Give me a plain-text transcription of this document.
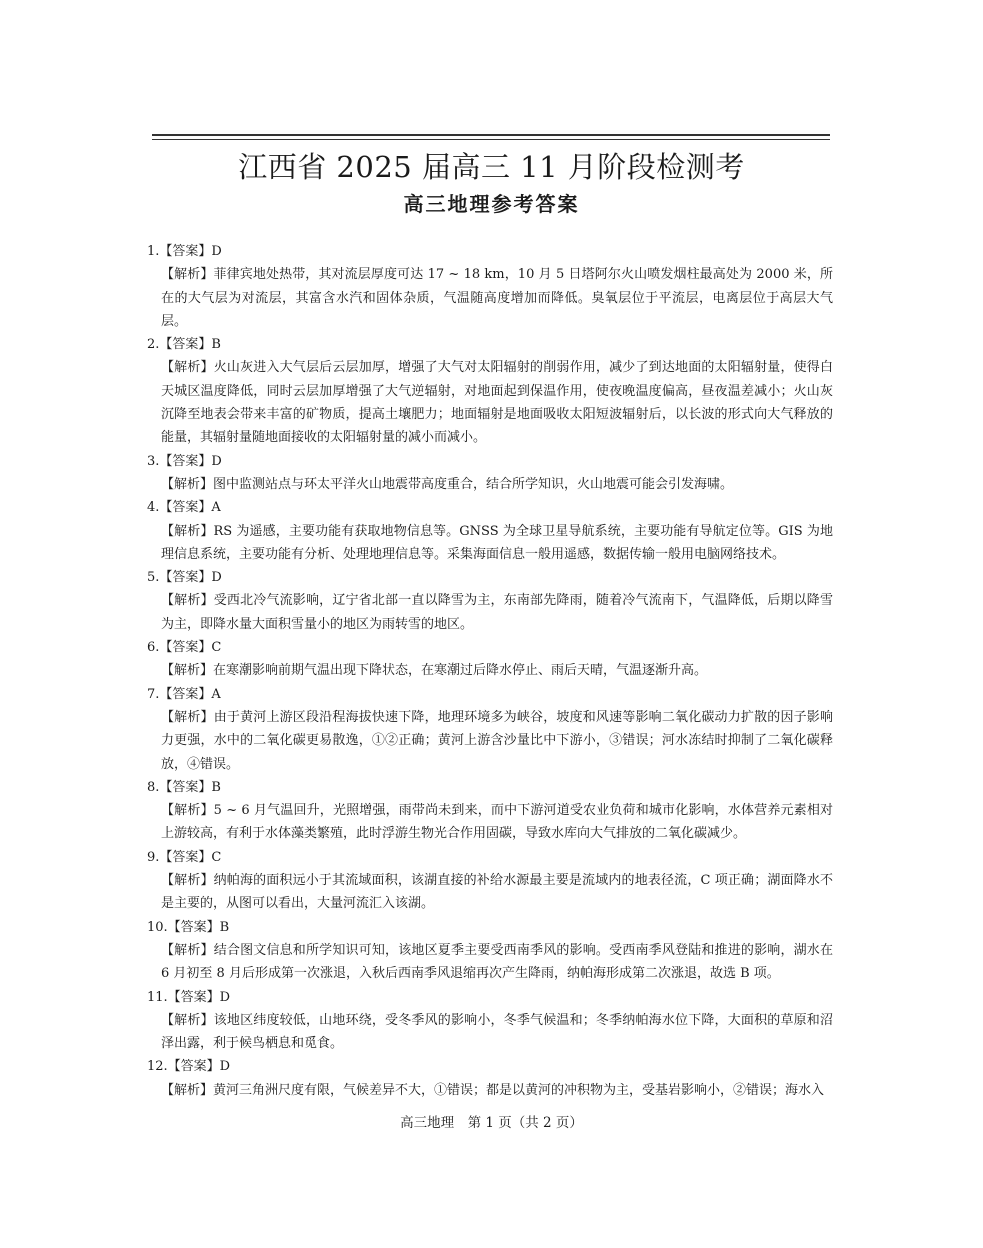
江西省 2025 届高三 11 月阶段检测考
高三地理参考答案
1.【答案】D
【解析】菲律宾地处热带，其对流层厚度可达 17 ~ 18 km，10 月 5 日塔阿尔火山喷发烟柱最高处为 2000 米，所在的大气层为对流层，其富含水汽和固体杂质，气温随高度增加而降低。臭氧层位于平流层，电离层位于高层大气层。
2.【答案】B
【解析】火山灰进入大气层后云层加厚，增强了大气对太阳辐射的削弱作用，减少了到达地面的太阳辐射量，使得白天城区温度降低，同时云层加厚增强了大气逆辐射，对地面起到保温作用，使夜晚温度偏高，昼夜温差减小；火山灰沉降至地表会带来丰富的矿物质，提高土壤肥力；地面辐射是地面吸收太阳短波辐射后，以长波的形式向大气释放的能量，其辐射量随地面接收的太阳辐射量的减小而减小。
3.【答案】D
【解析】图中监测站点与环太平洋火山地震带高度重合，结合所学知识，火山地震可能会引发海啸。
4.【答案】A
【解析】RS 为遥感，主要功能有获取地物信息等。GNSS 为全球卫星导航系统，主要功能有导航定位等。GIS 为地理信息系统，主要功能有分析、处理地理信息等。采集海面信息一般用遥感，数据传输一般用电脑网络技术。
5.【答案】D
【解析】受西北冷气流影响，辽宁省北部一直以降雪为主，东南部先降雨，随着冷气流南下，气温降低，后期以降雪为主，即降水量大面积雪量小的地区为雨转雪的地区。
6.【答案】C
【解析】在寒潮影响前期气温出现下降状态，在寒潮过后降水停止、雨后天晴，气温逐渐升高。
7.【答案】A
【解析】由于黄河上游区段沿程海拔快速下降，地理环境多为峡谷，坡度和风速等影响二氧化碳动力扩散的因子影响力更强，水中的二氧化碳更易散逸，①②正确；黄河上游含沙量比中下游小，③错误；河水冻结时抑制了二氧化碳释放，④错误。
8.【答案】B
【解析】5 ~ 6 月气温回升，光照增强，雨带尚未到来，而中下游河道受农业负荷和城市化影响，水体营养元素相对上游较高，有利于水体藻类繁殖，此时浮游生物光合作用固碳，导致水库向大气排放的二氧化碳减少。
9.【答案】C
【解析】纳帕海的面积远小于其流域面积，该湖直接的补给水源最主要是流域内的地表径流，C 项正确；湖面降水不是主要的，从图可以看出，大量河流汇入该湖。
10.【答案】B
【解析】结合图文信息和所学知识可知，该地区夏季主要受西南季风的影响。受西南季风登陆和推进的影响，湖水在 6 月初至 8 月后形成第一次涨退，入秋后西南季风退缩再次产生降雨，纳帕海形成第二次涨退，故选 B 项。
11.【答案】D
【解析】该地区纬度较低，山地环绕，受冬季风的影响小，冬季气候温和；冬季纳帕海水位下降，大面积的草原和沼泽出露，利于候鸟栖息和觅食。
12.【答案】D
【解析】黄河三角洲尺度有限，气候差异不大，①错误；都是以黄河的冲积物为主，受基岩影响小，②错误；海水入
高三地理　第 1 页（共 2 页）
